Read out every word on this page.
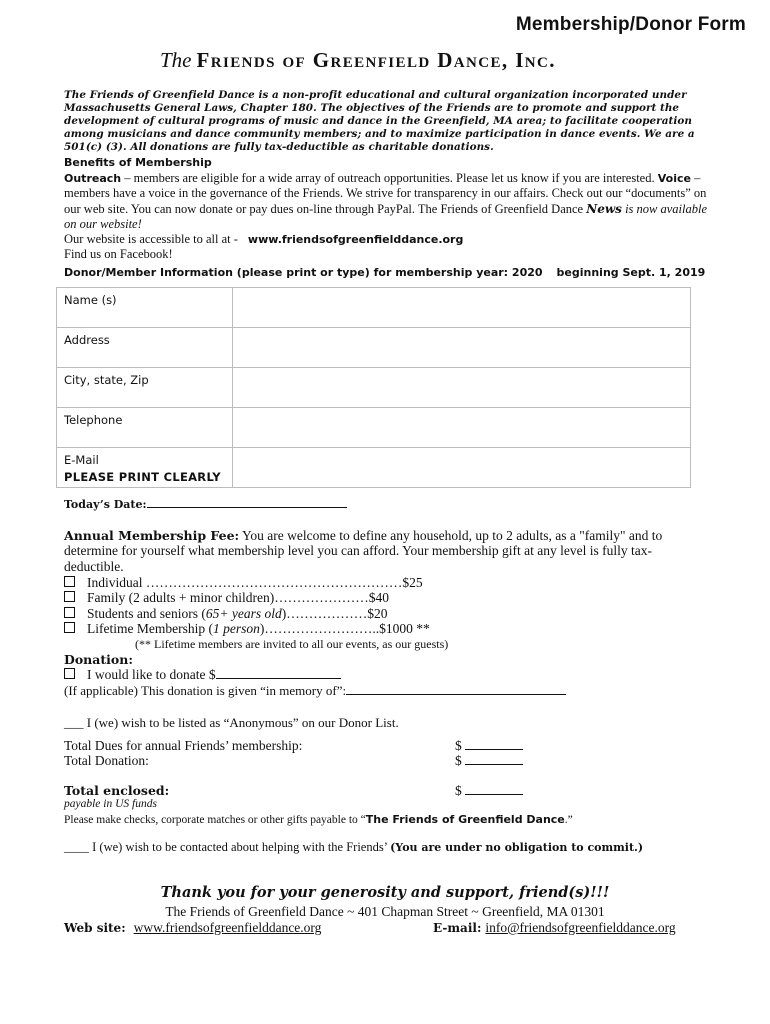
Membership/Donor Form
The Friends of Greenfield Dance, Inc.
The Friends of Greenfield Dance is a non-profit educational and cultural organization incorporated under Massachusetts General Laws, Chapter 180. The objectives of the Friends are to promote and support the development of cultural programs of music and dance in the Greenfield, MA area; to facilitate cooperation among musicians and dance community members; and to maximize participation in dance events. We are a 501(c) (3). All donations are fully tax-deductible as charitable donations.
Benefits of Membership
Outreach – members are eligible for a wide array of outreach opportunities. Please let us know if you are interested. Voice – members have a voice in the governance of the Friends. We strive for transparency in our affairs. Check out our “documents” on our web site. You can now donate or pay dues on-line through PayPal. The Friends of Greenfield Dance News is now available on our website!
Our website is accessible to all at - www.friendsofgreenfielddance.org
Find us on Facebook!
Donor/Member Information (please print or type) for membership year: 2020 beginning Sept. 1, 2019
Name (s)	
Address	
City, state, Zip	
Telephone	
E-Mail
PLEASE PRINT CLEARLY	

Today’s Date:
Annual Membership Fee: You are welcome to define any household, up to 2 adults, as a "family" and to determine for yourself what membership level you can afford. Your membership gift at any level is fully tax-deductible.
Individual …………………………………………………$25
Family (2 adults + minor children)…………………$40
Students and seniors (65+ years old)………………$20
Lifetime Membership (1 person)……………………..$1000 **
(** Lifetime members are invited to all our events, as our guests)
Donation:
I would like to donate $
(If applicable) This donation is given “in memory of”:
___ I (we) wish to be listed as “Anonymous” on our Donor List.
Total Dues for annual Friends’ membership:	$
Total Donation:	$
Total enclosed:	$
payable in US funds
Please make checks, corporate matches or other gifts payable to “The Friends of Greenfield Dance.”
____ I (we) wish to be contacted about helping with the Friends’ (You are under no obligation to commit.)
Thank you for your generosity and support, friend(s)!!!
The Friends of Greenfield Dance ~ 401 Chapman Street ~ Greenfield, MA 01301
Web site: www.friendsofgreenfielddance.org	E-mail: info@friendsofgreenfielddance.org
